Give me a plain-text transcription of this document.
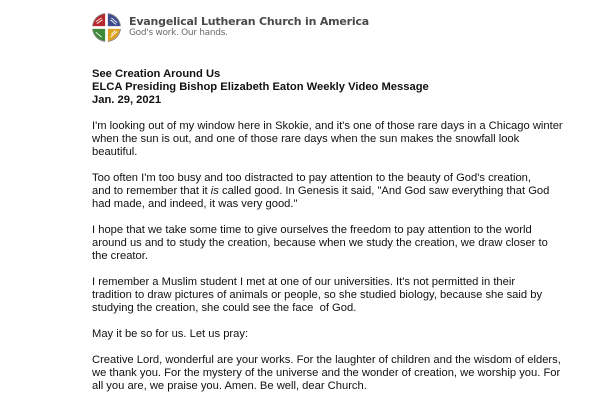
Evangelical Lutheran Church in America
God's work. Our hands.
See Creation Around Us
ELCA Presiding Bishop Elizabeth Eaton Weekly Video Message
Jan. 29, 2021

I'm looking out of my window here in Skokie, and it's one of those rare days in a Chicago winter
when the sun is out, and one of those rare days when the sun makes the snowfall look
beautiful.

Too often I'm too busy and too distracted to pay attention to the beauty of God's creation,
and to remember that it is called good. In Genesis it said, "And God saw everything that God
had made, and indeed, it was very good."

I hope that we take some time to give ourselves the freedom to pay attention to the world
around us and to study the creation, because when we study the creation, we draw closer to
the creator.

I remember a Muslim student I met at one of our universities. It's not permitted in their
tradition to draw pictures of animals or people, so she studied biology, because she said by
studying the creation, she could see the face  of God.

May it be so for us. Let us pray:

Creative Lord, wonderful are your works. For the laughter of children and the wisdom of elders,
we thank you. For the mystery of the universe and the wonder of creation, we worship you. For
all you are, we praise you. Amen. Be well, dear Church.
